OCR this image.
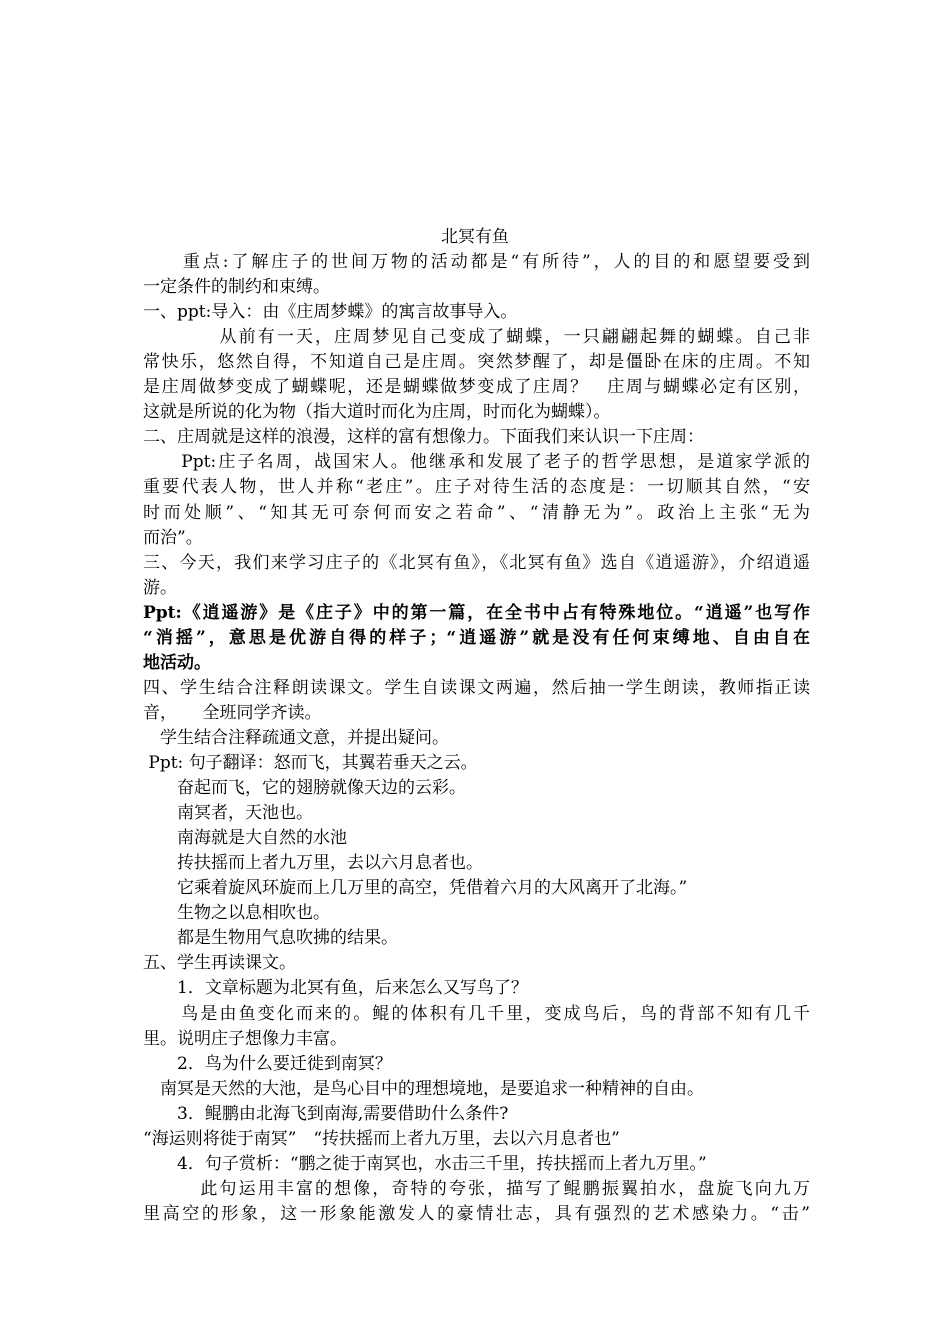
北冥有鱼
　　重点:了解庄子的世间万物的活动都是“有所待”，人的目的和愿望要受到
一定条件的制约和束缚。
一、ppt:导入：由《庄周梦蝶》的寓言故事导入。
　　　　从前有一天，庄周梦见自己变成了蝴蝶，一只翩翩起舞的蝴蝶。自己非
常快乐，悠然自得，不知道自己是庄周。突然梦醒了，却是僵卧在床的庄周。不知
是庄周做梦变成了蝴蝶呢，还是蝴蝶做梦变成了庄周？　庄周与蝴蝶必定有区别，
这就是所说的化为物（指大道时而化为庄周，时而化为蝴蝶）。
二、庄周就是这样的浪漫，这样的富有想像力。下面我们来认识一下庄周：
　　Ppt:庄子名周，战国宋人。他继承和发展了老子的哲学思想，是道家学派的
重要代表人物，世人并称“老庄”。庄子对待生活的态度是：一切顺其自然，“安
时而处顺”、“知其无可奈何而安之若命”、“清静无为”。政治上主张“无为
而治”。
三、今天，我们来学习庄子的《北冥有鱼》，《北冥有鱼》选自《逍遥游》，介绍逍遥
游。
Ppt:《逍遥游》是《庄子》中的第一篇，在全书中占有特殊地位。“逍遥”也写作
“消摇”，意思是优游自得的样子；“逍遥游”就是没有任何束缚地、自由自在
地活动。
四、学生结合注释朗读课文。学生自读课文两遍，然后抽一学生朗读，教师指正读
音，　　全班同学齐读。
　学生结合注释疏通文意，并提出疑问。
Ppt: 句子翻译：怒而飞，其翼若垂天之云。
　　奋起而飞，它的翅膀就像天边的云彩。
　　南冥者，天池也。
　　南海就是大自然的水池
　　抟扶摇而上者九万里，去以六月息者也。
　　它乘着旋风环旋而上几万里的高空，凭借着六月的大风离开了北海。”
　　生物之以息相吹也。
　　都是生物用气息吹拂的结果。
五、学生再读课文。
　　1．文章标题为北冥有鱼，后来怎么又写鸟了？
　　鸟是由鱼变化而来的。鲲的体积有几千里，变成鸟后，鸟的背部不知有几千
里。说明庄子想像力丰富。
　　2．鸟为什么要迁徙到南冥？
　南冥是天然的大池，是鸟心目中的理想境地，是要追求一种精神的自由。
　　3．鲲鹏由北海飞到南海,需要借助什么条件?
“海运则将徙于南冥”　“抟扶摇而上者九万里，去以六月息者也”
　　4．句子赏析：“鹏之徙于南冥也，水击三千里，抟扶摇而上者九万里。”
　　　此句运用丰富的想像，奇特的夸张，描写了鲲鹏振翼拍水，盘旋飞向九万
里高空的形象，这一形象能激发人的豪情壮志，具有强烈的艺术感染力。“击”
